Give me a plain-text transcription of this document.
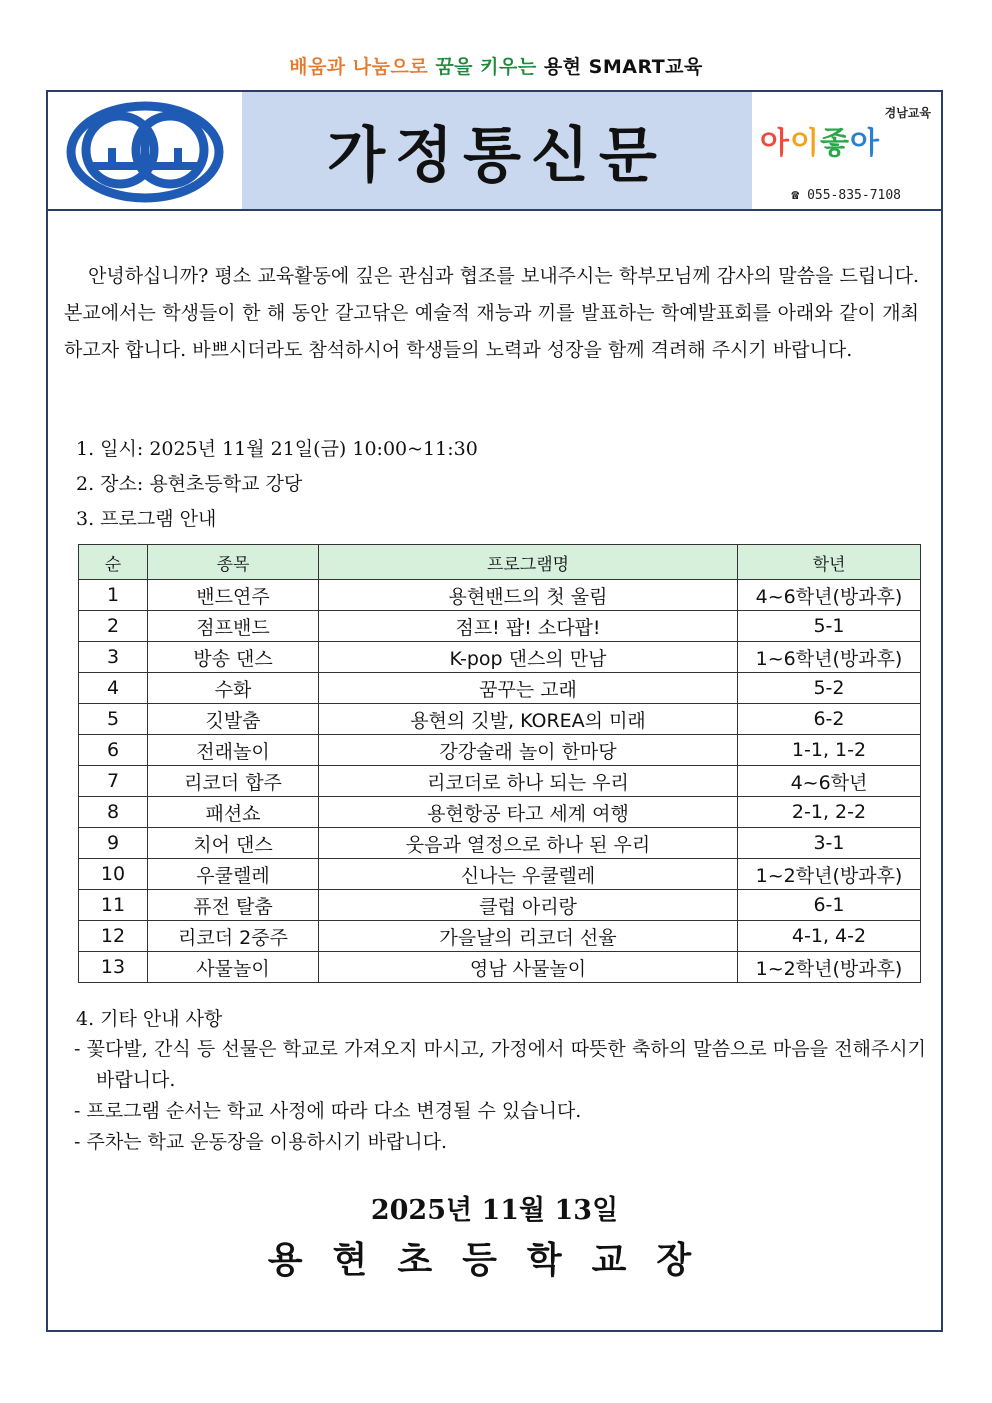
배움과 나눔으로 꿈을 키우는 용현 SMART교육
가정통신문
경남교육
아이좋아
☎ 055-835-7108
안녕하십니까? 평소 교육활동에 깊은 관심과 협조를 보내주시는 학부모님께 감사의 말씀을 드립니다. 본교에서는 학생들이 한 해 동안 갈고닦은 예술적 재능과 끼를 발표하는 학예발표회를 아래와 같이 개최하고자 합니다. 바쁘시더라도 참석하시어 학생들의 노력과 성장을 함께 격려해 주시기 바랍니다.
1. 일시: 2025년 11월 21일(금) 10:00~11:30
2. 장소: 용현초등학교 강당
3. 프로그램 안내
순	종목	프로그램명	학년
1	밴드연주	용현밴드의 첫 울림	4~6학년(방과후)
2	점프밴드	점프! 팝! 소다팝!	5-1
3	방송 댄스	K-pop 댄스의 만남	1~6학년(방과후)
4	수화	꿈꾸는 고래	5-2
5	깃발춤	용현의 깃발, KOREA의 미래	6-2
6	전래놀이	강강술래 놀이 한마당	1-1, 1-2
7	리코더 합주	리코더로 하나 되는 우리	4~6학년
8	패션쇼	용현항공 타고 세계 여행	2-1, 2-2
9	치어 댄스	웃음과 열정으로 하나 된 우리	3-1
10	우쿨렐레	신나는 우쿨렐레	1~2학년(방과후)
11	퓨전 탈춤	클럽 아리랑	6-1
12	리코더 2중주	가을날의 리코더 선율	4-1, 4-2
13	사물놀이	영남 사물놀이	1~2학년(방과후)
4. 기타 안내 사항
- 꽃다발, 간식 등 선물은 학교로 가져오지 마시고, 가정에서 따뜻한 축하의 말씀으로 마음을 전해주시기 바랍니다.
- 프로그램 순서는 학교 사정에 따라 다소 변경될 수 있습니다.
- 주차는 학교 운동장을 이용하시기 바랍니다.
2025년 11월 13일
용현초등학교장
